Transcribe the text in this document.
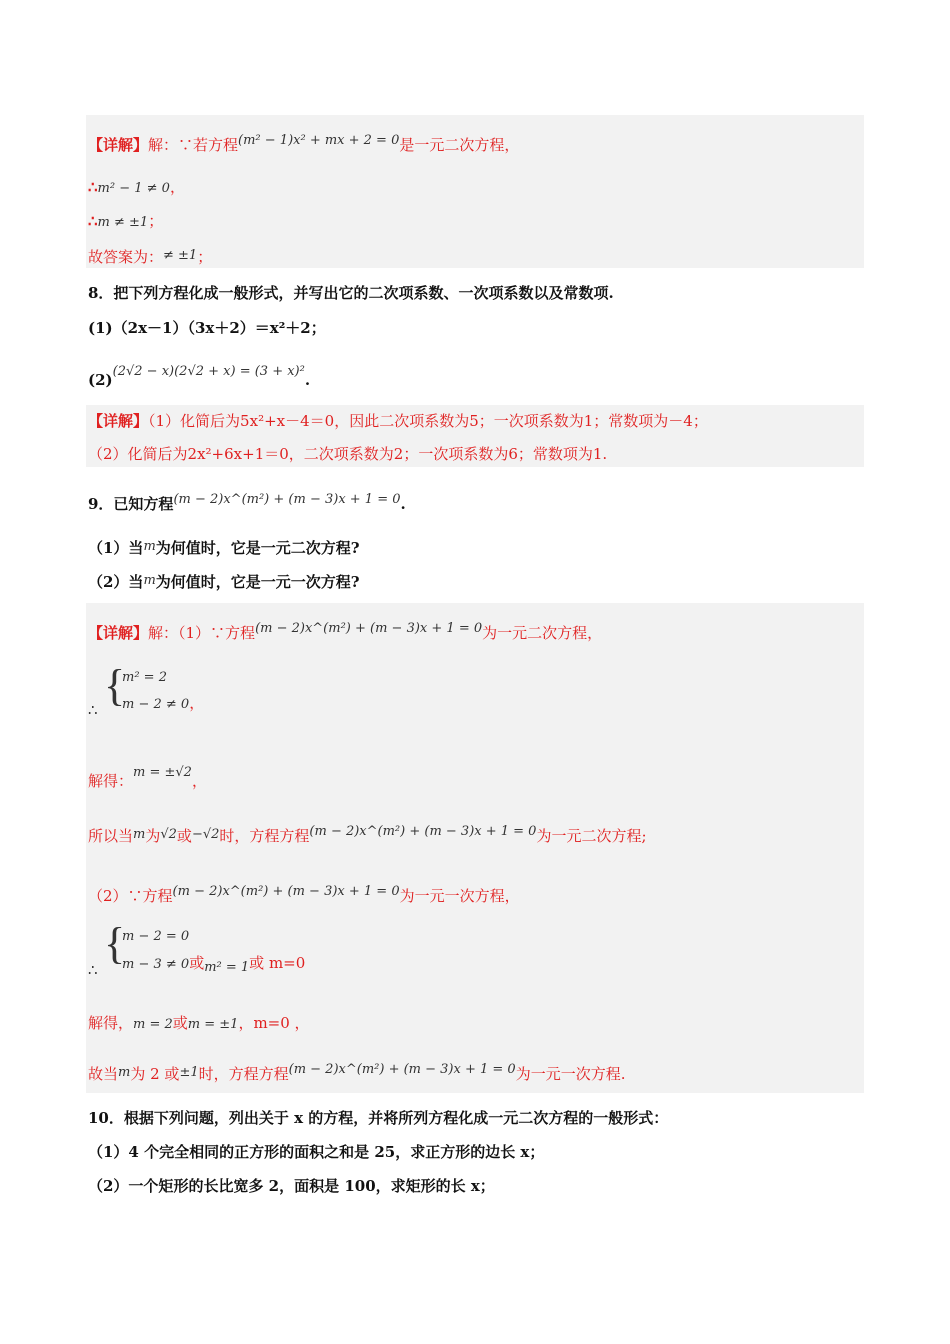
【详解】解：∵若方程(m² − 1)x² + mx + 2 = 0是一元二次方程，
∴m² − 1 ≠ 0，
∴m ≠ ±1；
故答案为：≠ ±1；
8．把下列方程化成一般形式，并写出它的二次项系数、一次项系数以及常数项.
(1)（2x－1）（3x＋2）＝x²＋2；
(2)(2√2 − x)(2√2 + x) = (3 + x)².
【详解】（1）化简后为5x²+x－4＝0，因此二次项系数为5；一次项系数为1；常数项为－4；
（2）化简后为2x²+6x+1＝0，二次项系数为2；一次项系数为6；常数项为1.
9．已知方程(m − 2)x^(m²) + (m − 3)x + 1 = 0.
（1）当m为何值时，它是一元二次方程?
（2）当m为何值时，它是一元一次方程?
【详解】解：（1）∵方程(m − 2)x^(m²) + (m − 3)x + 1 = 0为一元二次方程，
{
m² = 2
m − 2 ≠ 0，
∴
解得：m = ±√2，
所以当m为√2或−√2时，方程方程(m − 2)x^(m²) + (m − 3)x + 1 = 0为一元二次方程;
（2）∵方程(m − 2)x^(m²) + (m − 3)x + 1 = 0为一元一次方程，
{
m − 2 = 0
m − 3 ≠ 0或m² = 1或 m=0
∴
解得，m = 2或m = ±1，m=0 ，
故当m为 2 或±1时，方程方程(m − 2)x^(m²) + (m − 3)x + 1 = 0为一元一次方程.
10．根据下列问题，列出关于 x 的方程，并将所列方程化成一元二次方程的一般形式：
（1）4 个完全相同的正方形的面积之和是 25，求正方形的边长 x；
（2）一个矩形的长比宽多 2，面积是 100，求矩形的长 x；
